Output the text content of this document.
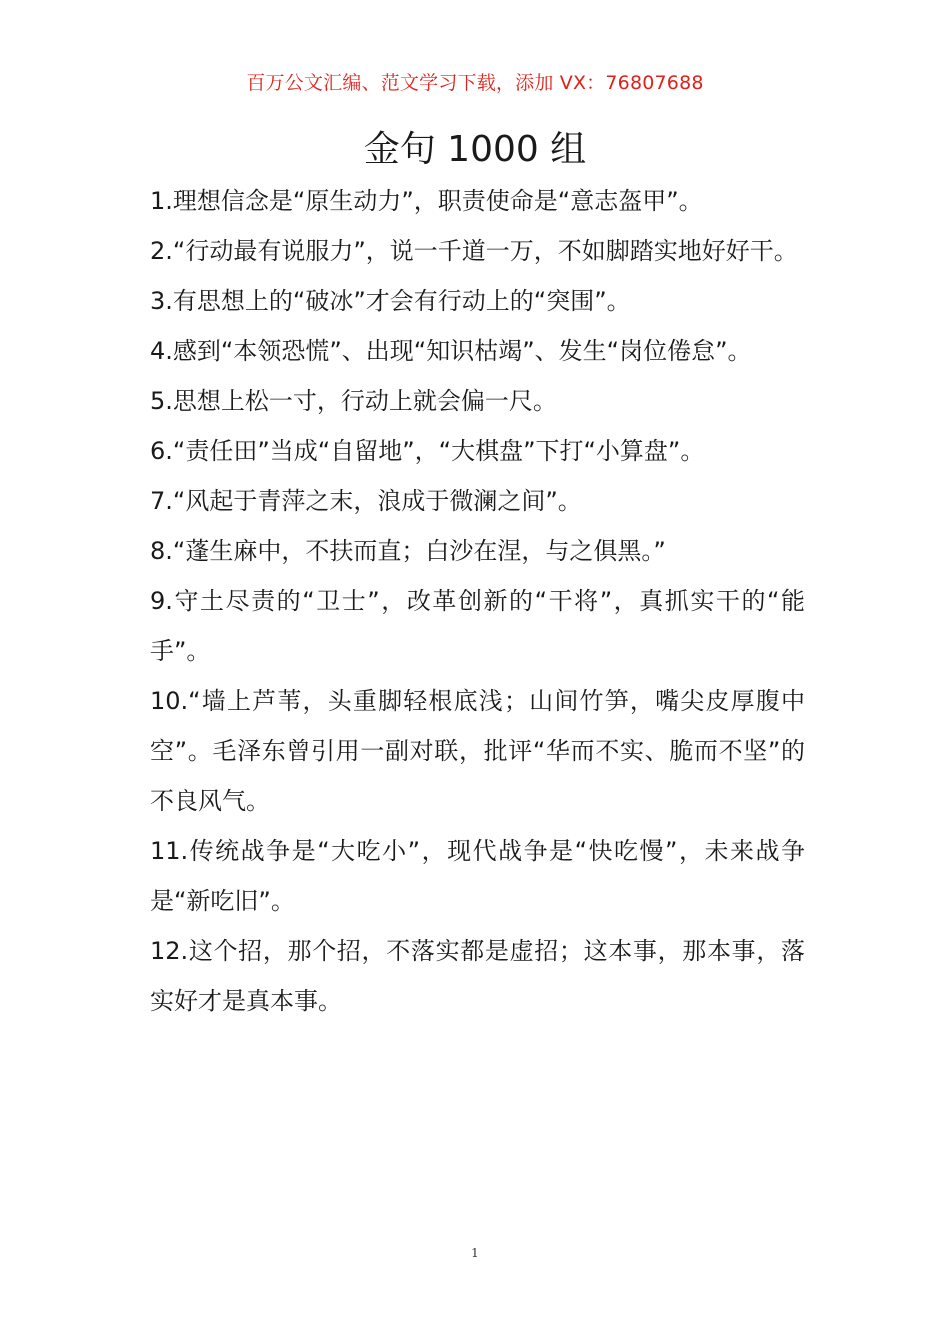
百万公文汇编、范文学习下载，添加 VX：76807688
金句 1000 组

1.理想信念是“原生动力”，职责使命是“意志盔甲”。

2.“行动最有说服力”，说一千道一万，不如脚踏实地好好干。

3.有思想上的“破冰”才会有行动上的“突围”。

4.感到“本领恐慌”、出现“知识枯竭”、发生“岗位倦怠”。

5.思想上松一寸，行动上就会偏一尺。

6.“责任田”当成“自留地”，“大棋盘”下打“小算盘”。

7.“风起于青萍之末，浪成于微澜之间”。

8.“蓬生麻中，不扶而直；白沙在涅，与之俱黑。”

9.守土尽责的“卫士”，改革创新的“干将”，真抓实干的“能手”。

10.“墙上芦苇，头重脚轻根底浅；山间竹笋，嘴尖皮厚腹中空”。毛泽东曾引用一副对联，批评“华而不实、脆而不坚”的不良风气。

11.传统战争是“大吃小”，现代战争是“快吃慢”，未来战争是“新吃旧”。

12.这个招，那个招，不落实都是虚招；这本事，那本事，落实好才是真本事。

1
